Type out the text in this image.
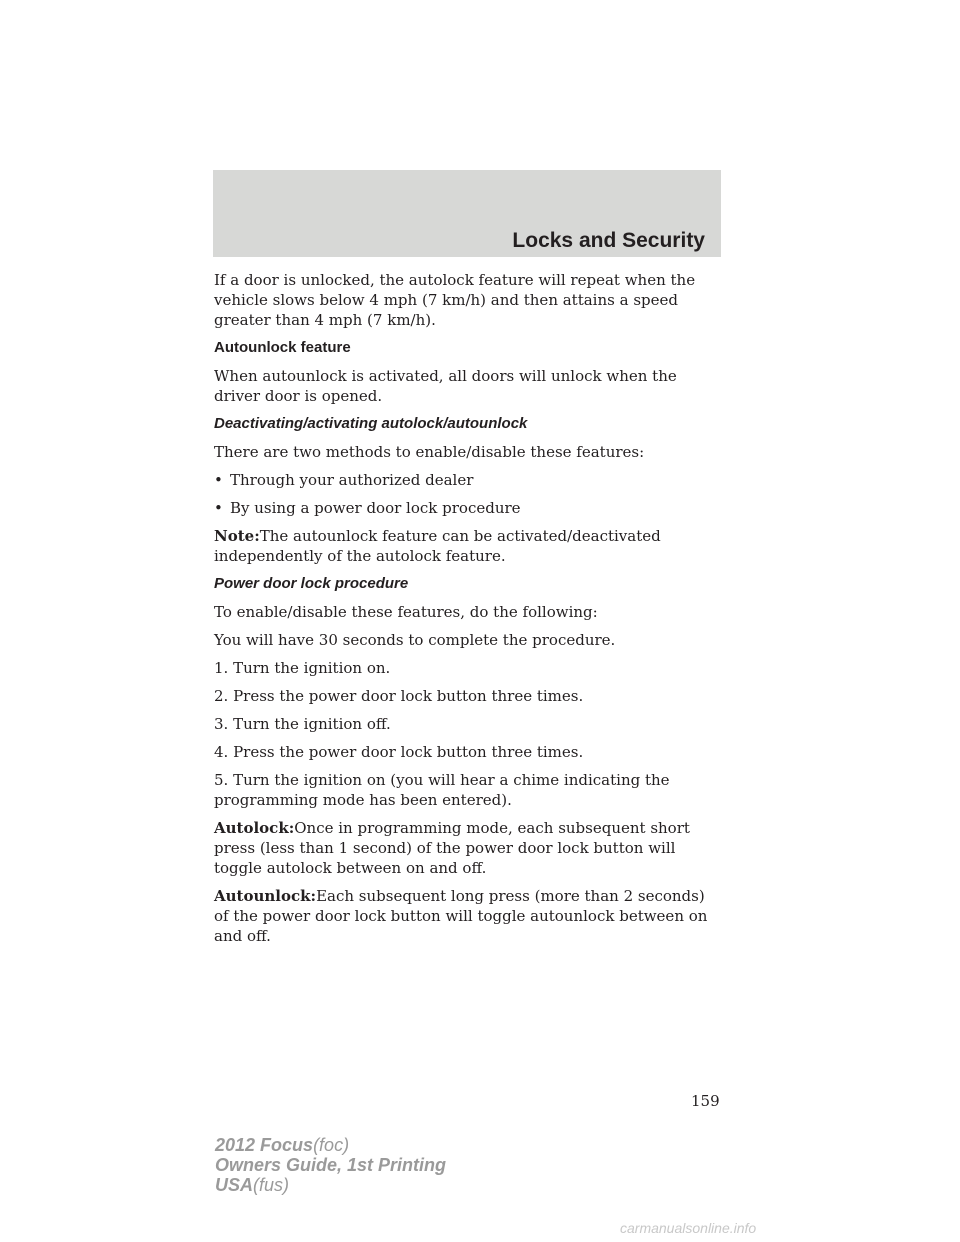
Locks and Security

If a door is unlocked, the autolock feature will repeat when the vehicle slows below 4 mph (7 km/h) and then attains a speed greater than 4 mph (7 km/h).

Autounlock feature

When autounlock is activated, all doors will unlock when the driver door is opened.

Deactivating/activating autolock/autounlock

There are two methods to enable/disable these features:

• Through your authorized dealer
• By using a power door lock procedure

Note:The autounlock feature can be activated/deactivated independently of the autolock feature.

Power door lock procedure

To enable/disable these features, do the following:

You will have 30 seconds to complete the procedure.

1. Turn the ignition on.

2. Press the power door lock button three times.

3. Turn the ignition off.

4. Press the power door lock button three times.

5. Turn the ignition on (you will hear a chime indicating the programming mode has been entered).

Autolock:Once in programming mode, each subsequent short press (less than 1 second) of the power door lock button will toggle autolock between on and off.

Autounlock:Each subsequent long press (more than 2 seconds) of the power door lock button will toggle autounlock between on and off.

159
2012 Focus(foc)
Owners Guide, 1st Printing
USA(fus)
carmanualsonline.info
